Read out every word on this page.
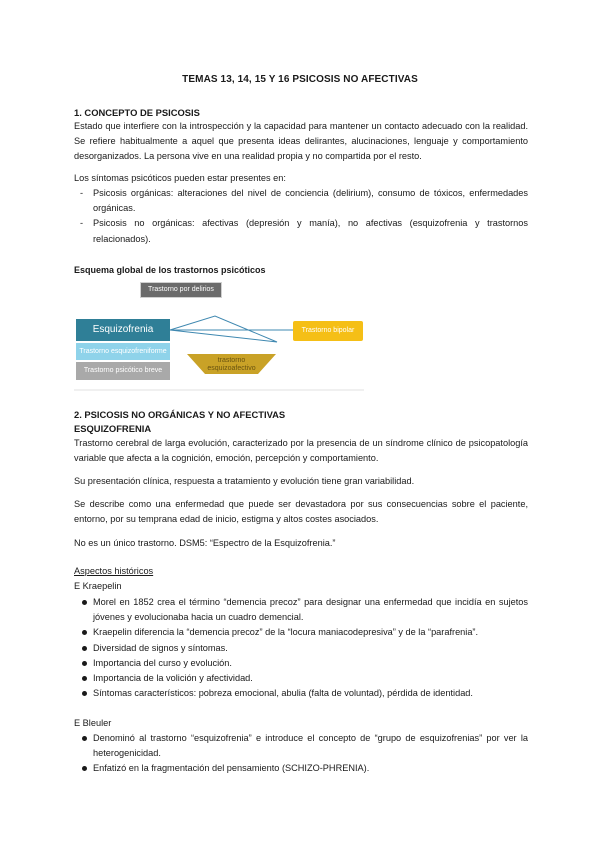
TEMAS 13, 14, 15 Y 16 PSICOSIS NO AFECTIVAS
1. CONCEPTO DE PSICOSIS
Estado que interfiere con la introspección y la capacidad para mantener un contacto adecuado con la realidad. Se refiere habitualmente a aquel que presenta ideas delirantes, alucinaciones, lenguaje y comportamiento desorganizados. La persona vive en una realidad propia y no compartida por el resto.
Los síntomas psicóticos pueden estar presentes en:
- Psicosis orgánicas: alteraciones del nivel de conciencia (delirium), consumo de tóxicos, enfermedades orgánicas.
- Psicosis no orgánicas: afectivas (depresión y manía), no afectivas (esquizofrenia y trastornos relacionados).
Esquema global de los trastornos psicóticos
Trastorno por delirios
Esquizofrenia
Trastorno esquizofreniforme
Trastorno psicótico breve
trastorno esquizoafectivo
Trastorno bipolar
2. PSICOSIS NO ORGÁNICAS Y NO AFECTIVAS
ESQUIZOFRENIA
Trastorno cerebral de larga evolución, caracterizado por la presencia de un síndrome clínico de psicopatología variable que afecta a la cognición, emoción, percepción y comportamiento.
Su presentación clínica, respuesta a tratamiento y evolución tiene gran variabilidad.
Se describe como una enfermedad que puede ser devastadora por sus consecuencias sobre el paciente, entorno, por su temprana edad de inicio, estigma y altos costes asociados.
No es un único trastorno. DSM5: “Espectro de la Esquizofrenia.”
Aspectos históricos
E Kraepelin
Morel en 1852 crea el término “demencia precoz” para designar una enfermedad que incidía en sujetos jóvenes y evolucionaba hacia un cuadro demencial.
Kraepelin diferencia la “demencia precoz” de la “locura maniacodepresiva” y de la “parafrenia”.
Diversidad de signos y síntomas.
Importancia del curso y evolución.
Importancia de la volición y afectividad.
Síntomas característicos: pobreza emocional, abulia (falta de voluntad), pérdida de identidad.
E Bleuler
Denominó al trastorno “esquizofrenia” e introduce el concepto de “grupo de esquizofrenias” por ver la heterogenicidad.
Enfatizó en la fragmentación del pensamiento (SCHIZO-PHRENIA).
